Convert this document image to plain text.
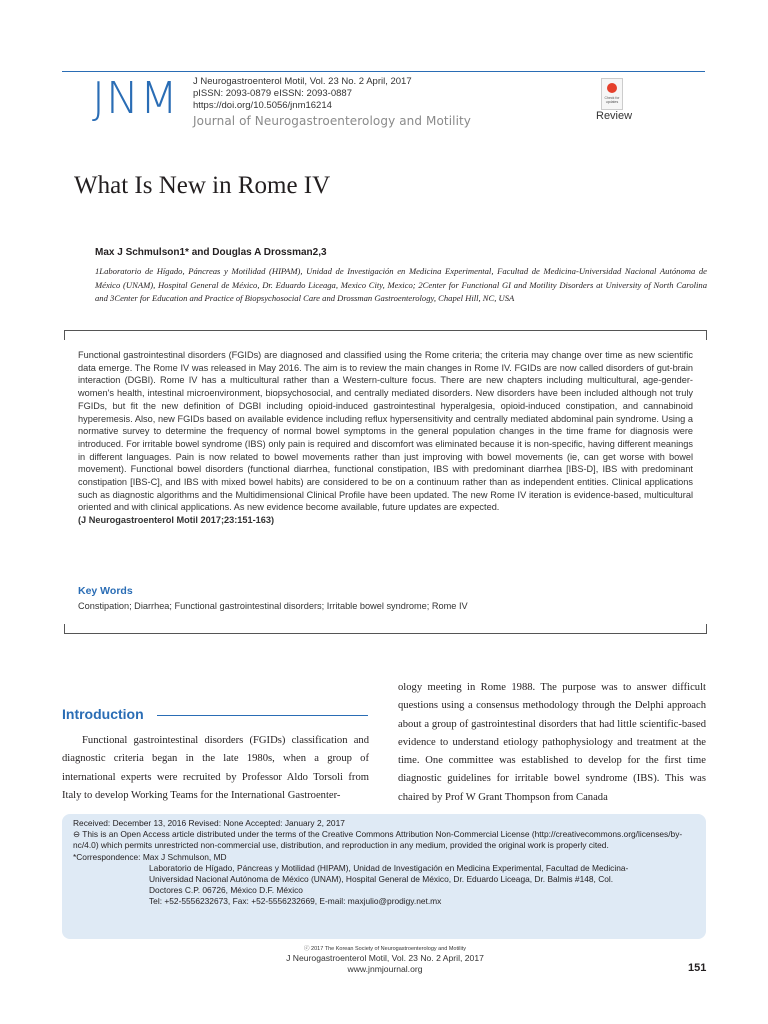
JNM J Neurogastroenterol Motil, Vol. 23 No. 2 April, 2017
pISSN: 2093-0879 eISSN: 2093-0887
https://doi.org/10.5056/jnm16214
Journal of Neurogastroenterology and Motility
Check for updates
Review
What Is New in Rome IV
Max J Schmulson1* and Douglas A Drossman2,3
1Laboratorio de Hígado, Páncreas y Motilidad (HIPAM), Unidad de Investigación en Medicina Experimental, Facultad de Medicina-Universidad Nacional Autónoma de México (UNAM), Hospital General de México, Dr. Eduardo Liceaga, Mexico City, Mexico; 2Center for Functional GI and Motility Disorders at University of North Carolina and 3Center for Education and Practice of Biopsychosocial Care and Drossman Gastroenterology, Chapel Hill, NC, USA
Functional gastrointestinal disorders (FGIDs) are diagnosed and classified using the Rome criteria; the criteria may change over time as new scientific data emerge. The Rome IV was released in May 2016. The aim is to review the main changes in Rome IV. FGIDs are now called disorders of gut-brain interaction (DGBI). Rome IV has a multicultural rather than a Western-culture focus. There are new chapters including multicultural, age-gender-women's health, intestinal microenvironment, biopsychosocial, and centrally mediated disorders. New disorders have been included although not truly FGIDs, but fit the new definition of DGBI including opioid-induced gastrointestinal hyperalgesia, opioid-induced constipation, and cannabinoid hyperemesis. Also, new FGIDs based on available evidence including reflux hypersensitivity and centrally mediated abdominal pain syndrome. Using a normative survey to determine the frequency of normal bowel symptoms in the general population changes in the time frame for diagnosis were introduced. For irritable bowel syndrome (IBS) only pain is required and discomfort was eliminated because it is non-specific, having different meanings in different languages. Pain is now related to bowel movements rather than just improving with bowel movements (ie, can get worse with bowel movement). Functional bowel disorders (functional diarrhea, functional constipation, IBS with predominant diarrhea [IBS-D], IBS with predominant constipation [IBS-C], and IBS with mixed bowel habits) are considered to be on a continuum rather than as independent entities. Clinical applications such as diagnostic algorithms and the Multidimensional Clinical Profile have been updated. The new Rome IV iteration is evidence-based, multicultural oriented and with clinical applications. As new evidence become available, future updates are expected.
(J Neurogastroenterol Motil 2017;23:151-163)
Key Words
Constipation; Diarrhea; Functional gastrointestinal disorders; Irritable bowel syndrome; Rome IV
Introduction
Functional gastrointestinal disorders (FGIDs) classification and diagnostic criteria began in the late 1980s, when a group of international experts were recruited by Professor Aldo Torsoli from Italy to develop Working Teams for the International Gastroenter-
ology meeting in Rome 1988. The purpose was to answer difficult questions using a consensus methodology through the Delphi approach about a group of gastrointestinal disorders that had little scientific-based evidence to understand etiology pathophysiology and treatment at the time. One committee was established to develop for the first time diagnostic guidelines for irritable bowel syndrome (IBS). This was chaired by Prof W Grant Thompson from Canada
Received: December 13, 2016 Revised: None Accepted: January 2, 2017
⊖ This is an Open Access article distributed under the terms of the Creative Commons Attribution Non-Commercial License (http://creativecommons.org/licenses/by-nc/4.0) which permits unrestricted non-commercial use, distribution, and reproduction in any medium, provided the original work is properly cited.
*Correspondence: Max J Schmulson, MD
Laboratorio de Hígado, Páncreas y Motilidad (HIPAM), Unidad de Investigación en Medicina Experimental, Facultad de Medicina-
Universidad Nacional Autónoma de México (UNAM), Hospital General de México, Dr. Eduardo Liceaga, Dr. Balmis #148, Col.
Doctores C.P. 06726, México D.F. México
Tel: +52-5556232673, Fax: +52-5556232669, E-mail: maxjulio@prodigy.net.mx
ⓒ 2017 The Korean Society of Neurogastroenterology and Motility
J Neurogastroenterol Motil, Vol. 23 No. 2 April, 2017
www.jnmjournal.org	151
